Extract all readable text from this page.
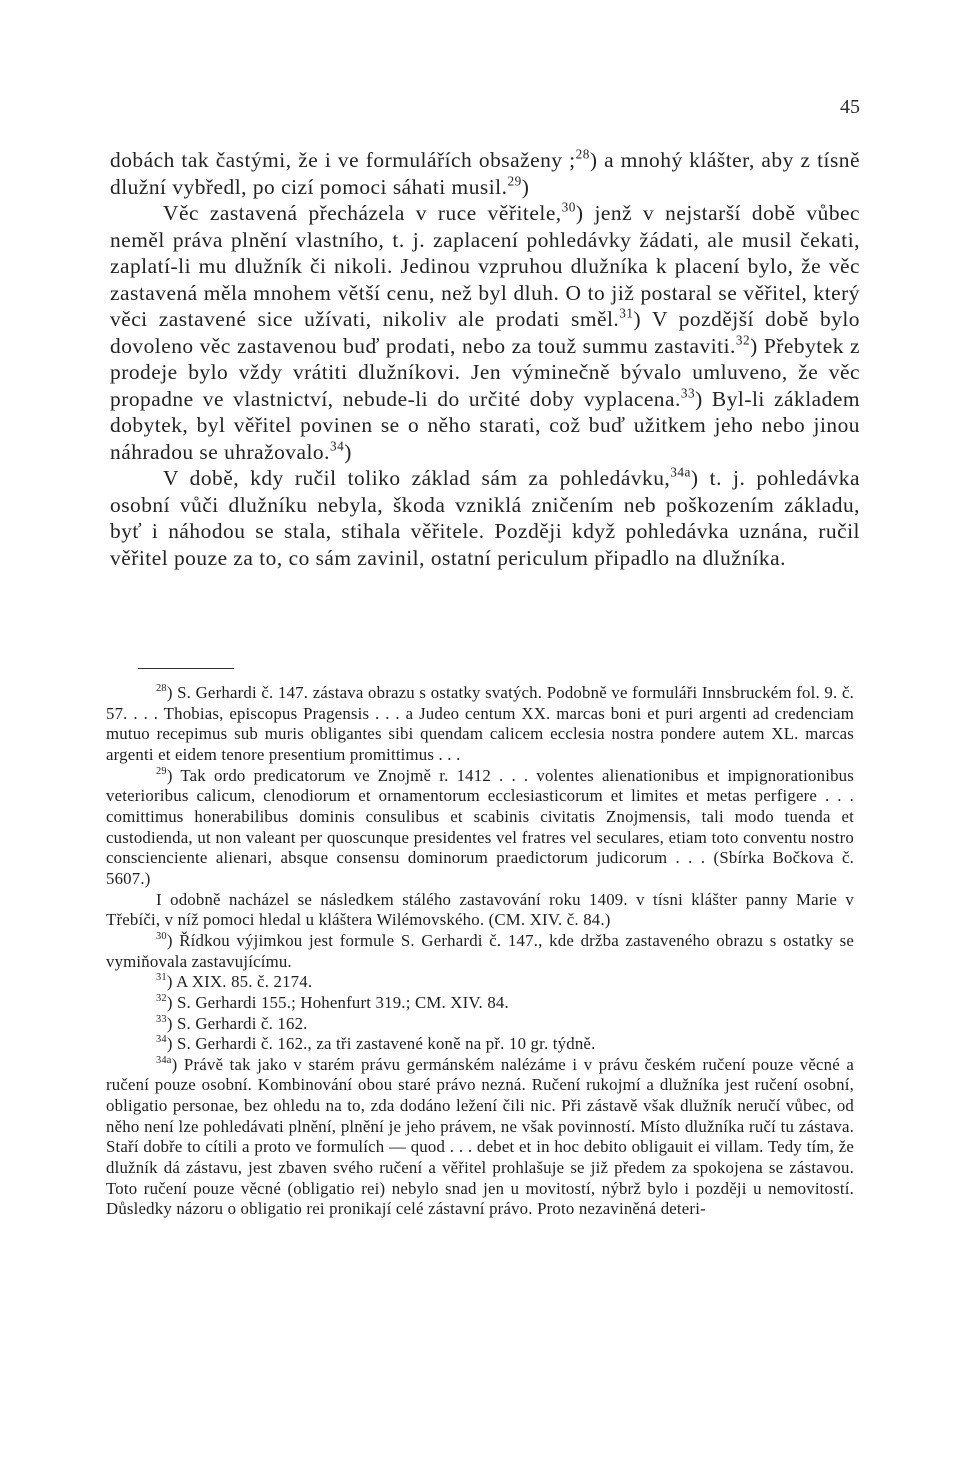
45

dobách tak častými, že i ve formulářích obsaženy ;$^{28}$) a mnohý klášter, aby z tísně dlužní vybředl, po cizí pomoci sáhati musil.$^{29}$)

Věc zastavená přecházela v ruce věřitele,$^{30}$) jenž v nejstarší době vůbec neměl práva plnění vlastního, t. j. zaplacení pohledávky žádati, ale musil čekati, zaplatí-li mu dlužník či nikoli. Jedinou vzpruhou dlužníka k placení bylo, že věc zastavená měla mnohem větší cenu, než byl dluh. O to již postaral se věřitel, který věci zastavené sice užívati, nikoliv ale prodati směl.$^{31}$) V pozdější době bylo dovoleno věc zastavenou buď prodati, nebo za touž summu zastaviti.$^{32}$) Přebytek z prodeje bylo vždy vrátiti dlužníkovi. Jen výminečně bývalo umluveno, že věc propadne ve vlastnictví, nebude-li do určité doby vyplacena.$^{33}$) Byl-li základem dobytek, byl věřitel povinen se o něho starati, což buď užitkem jeho nebo jinou náhradou se uhražovalo.$^{34}$)

V době, kdy ručil toliko základ sám za pohledávku,$^{34a}$) t. j. pohledávka osobní vůči dlužníku nebyla, škoda vzniklá zničením neb poškozením základu, byť i náhodou se stala, stihala věřitele. Později když pohledávka uznána, ručil věřitel pouze za to, co sám zavinil, ostatní periculum připadlo na dlužníka.

$^{28}$) S. Gerhardi č. 147. zástava obrazu s ostatky svatých. Podobně ve formuláři Innsbruckém fol. 9. č. 57. . . . Thobias, episcopus Pragensis . . . a Judeo centum XX. marcas boni et puri argenti ad credenciam mutuo recepimus sub muris obligantes sibi quendam calicem ecclesia nostra pondere autem XL. marcas argenti et eidem tenore presentium promittimus . . .

$^{29}$) Tak ordo predicatorum ve Znojmě r. 1412 . . . volentes alienationibus et impignorationibus veterioribus calicum, clenodiorum et ornamentorum ecclesiasticorum et limites et metas perfigere . . . comittimus honerabilibus dominis consulibus et scabinis civitatis Znojmensis, tali modo tuenda et custodienda, ut non valeant per quoscunque presidentes vel fratres vel seculares, etiam toto conventu nostro conscienciente alienari, absque consensu dominorum praedictorum judicorum . . . (Sbírka Bočkova č. 5607.)

I odobně nacházel se následkem stálého zastavování roku 1409. v tísni klášter panny Marie v Třebíči, v níž pomoci hledal u kláštera Wilémovského. (CM. XIV. č. 84.)

$^{30}$) Řídkou výjimkou jest formule S. Gerhardi č. 147., kde držba zastaveného obrazu s ostatky se vymiňovala zastavujícímu.

$^{31}$) A XIX. 85. č. 2174.

$^{32}$) S. Gerhardi 155.; Hohenfurt 319.; CM. XIV. 84.

$^{33}$) S. Gerhardi č. 162.

$^{34}$) S. Gerhardi č. 162., za tři zastavené koně na př. 10 gr. týdně.

$^{34a}$) Právě tak jako v starém právu germánském nalézáme i v právu českém ručení pouze věcné a ručení pouze osobní. Kombinování obou staré právo nezná. Ručení rukojmí a dlužníka jest ručení osobní, obligatio personae, bez ohledu na to, zda dodáno ležení čili nic. Při zástavě však dlužník neručí vůbec, od něho není lze pohledávati plnění, plnění je jeho právem, ne však povinností. Místo dlužníka ručí tu zástava. Staří dobře to cítili a proto ve formulích — quod . . . debet et in hoc debito obligauit ei villam. Tedy tím, že dlužník dá zástavu, jest zbaven svého ručení a věřitel prohlašuje se již předem za spokojena se zástavou. Toto ručení pouze věcné (obligatio rei) nebylo snad jen u movitostí, nýbrž bylo i později u nemovitostí. Důsledky názoru o obligatio rei pronikají celé zástavní právo. Proto nezaviněná deteri-
